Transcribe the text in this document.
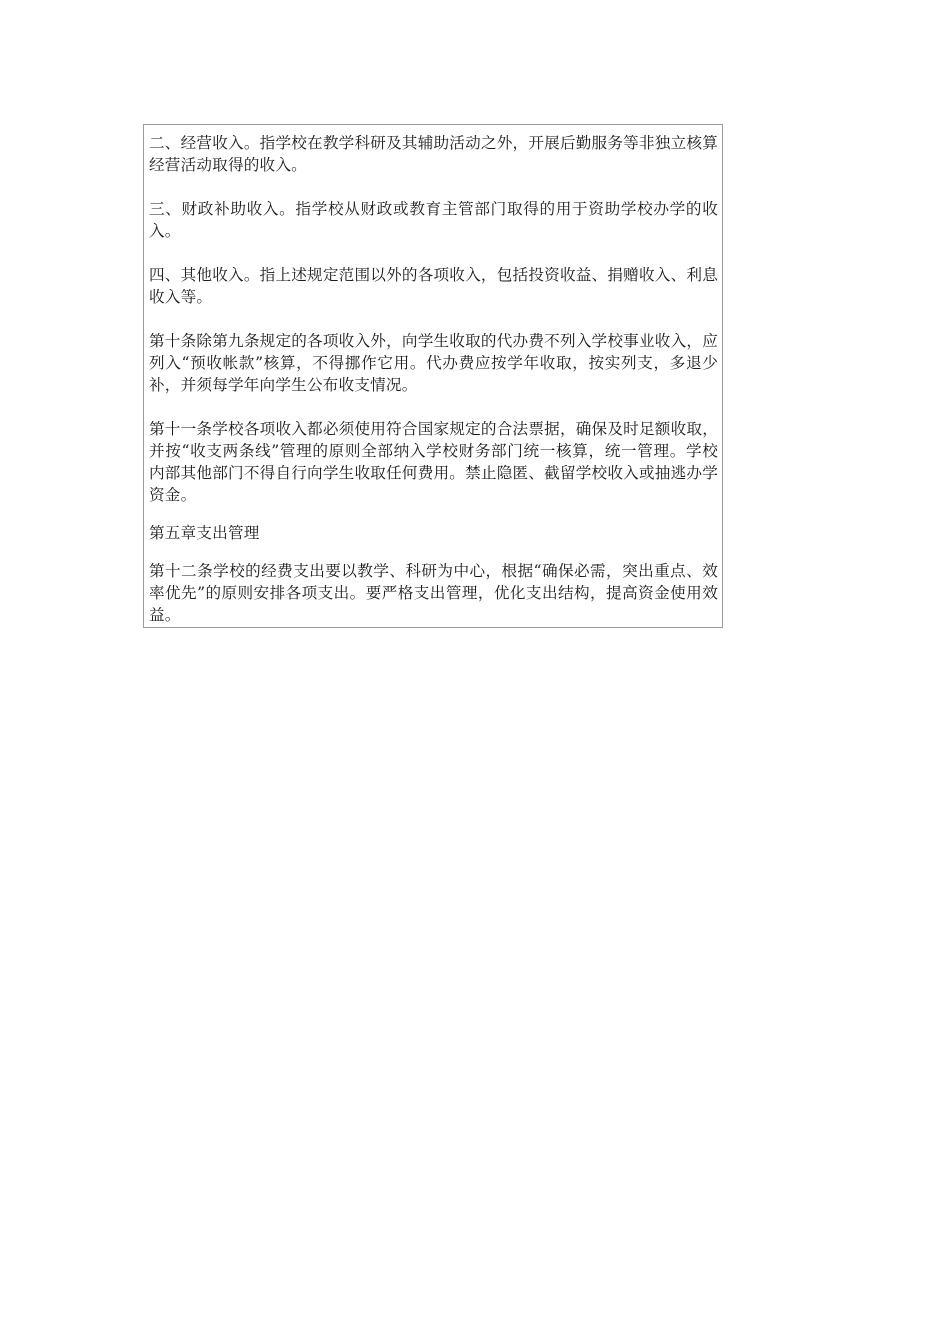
二、经营收入。指学校在教学科研及其辅助活动之外，开展后勤服务等非独立核算经营活动取得的收入。

三、财政补助收入。指学校从财政或教育主管部门取得的用于资助学校办学的收入。

四、其他收入。指上述规定范围以外的各项收入，包括投资收益、捐赠收入、利息收入等。

第十条除第九条规定的各项收入外，向学生收取的代办费不列入学校事业收入，应列入“预收帐款”核算，不得挪作它用。代办费应按学年收取，按实列支，多退少补，并须每学年向学生公布收支情况。

第十一条学校各项收入都必须使用符合国家规定的合法票据，确保及时足额收取，并按“收支两条线”管理的原则全部纳入学校财务部门统一核算，统一管理。学校内部其他部门不得自行向学生收取任何费用。禁止隐匿、截留学校收入或抽逃办学资金。

第五章支出管理

第十二条学校的经费支出要以教学、科研为中心，根据“确保必需，突出重点、效率优先”的原则安排各项支出。要严格支出管理，优化支出结构，提高资金使用效益。
